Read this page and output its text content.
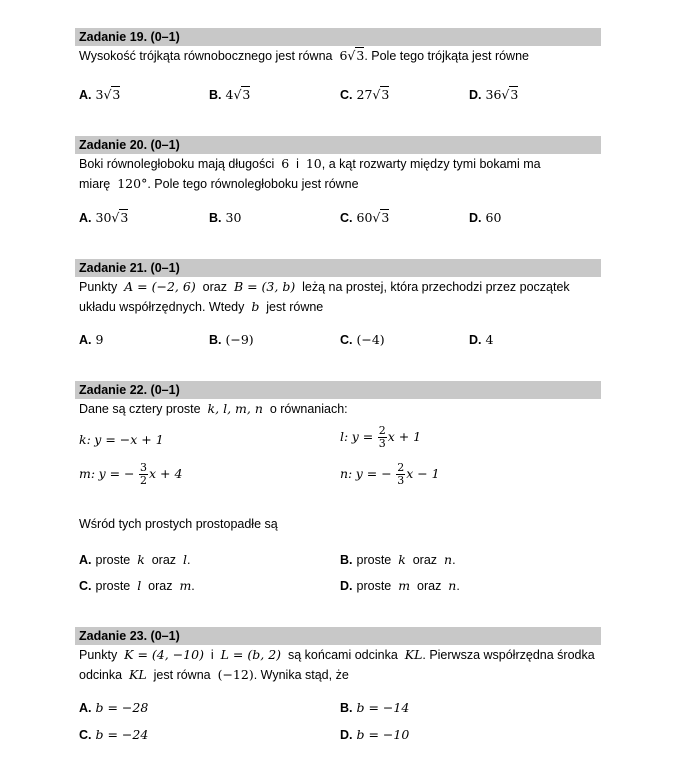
Zadanie 19. (0–1)
Wysokość trójkąta równobocznego jest równa 6√3. Pole tego trójkąta jest równe
A. 3√3	B. 4√3	C. 27√3	D. 36√3
Zadanie 20. (0–1)
Boki równoległoboku mają długości 6 i 10, a kąt rozwarty między tymi bokami ma
miarę 120°. Pole tego równoległoboku jest równe
A. 30√3	B. 30	C. 60√3	D. 60
Zadanie 21. (0–1)
Punkty A = (−2, 6) oraz B = (3, b) leżą na prostej, która przechodzi przez początek
układu współrzędnych. Wtedy b jest równe
A. 9	B. (−9)	C. (−4)	D. 4
Zadanie 22. (0–1)
Dane są cztery proste k, l, m, n o równaniach:
k: y = −x + 1	l: $y = \frac{2}{3}$ x + 1
m: y = − $\frac{3}{2}$ x + 4	n: y = − $\frac{2}{3}$ x − 1
Wśród tych prostych prostopadłe są
A. proste k oraz l.	B. proste k oraz n.
C. proste l oraz m.	D. proste m oraz n.
Zadanie 23. (0–1)
Punkty K = (4, −10) i L = (b, 2) są końcami odcinka KL. Pierwsza współrzędna środka
odcinka KL jest równa (−12). Wynika stąd, że
A. b = −28	B. b = −14
C. b = −24	D. b = −10
